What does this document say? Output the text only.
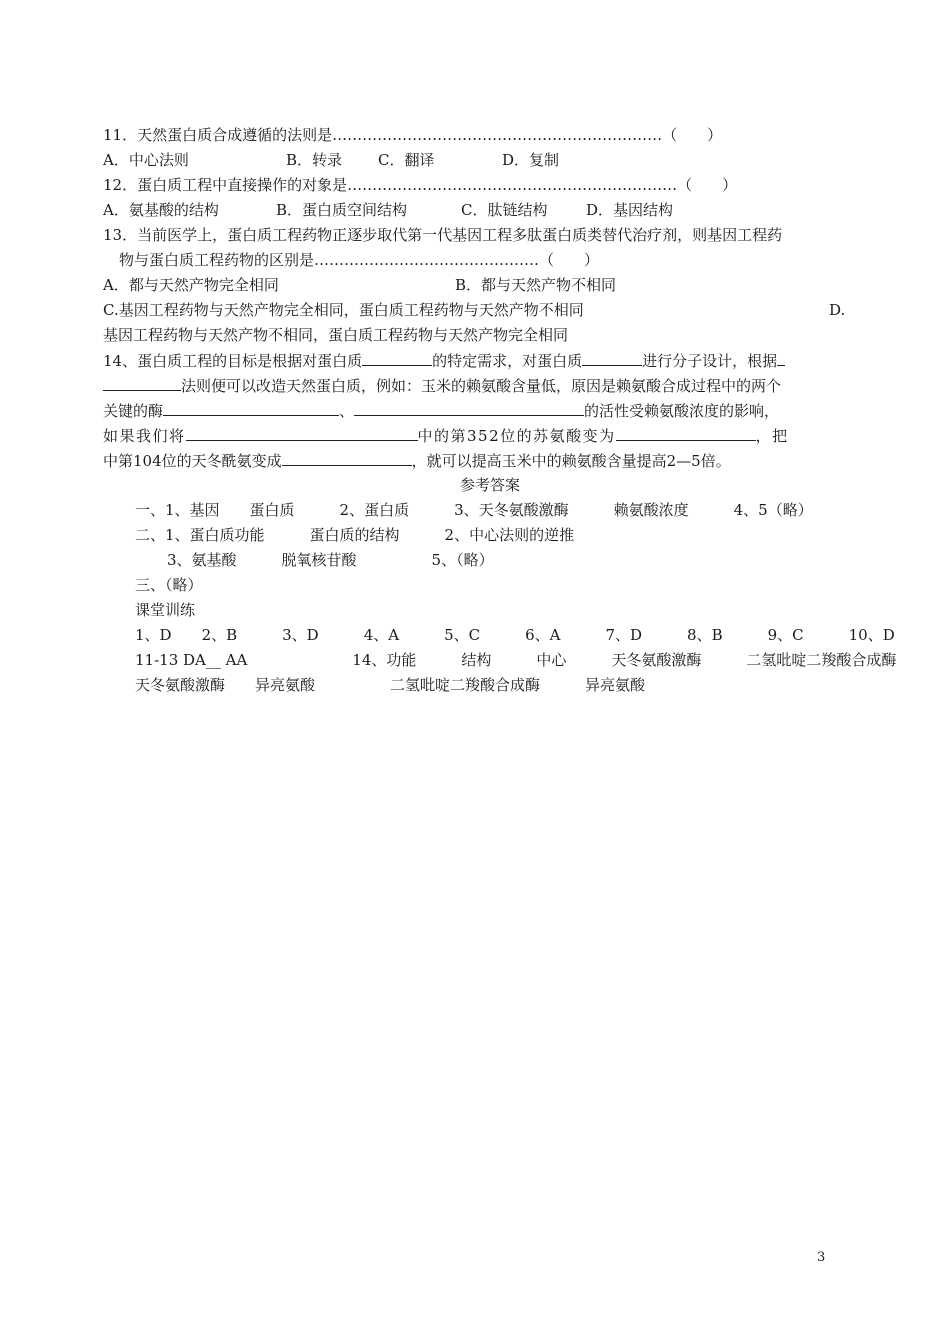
11．天然蛋白质合成遵循的法则是…………………………………………………………（　　）
A．中心法则	B．转录 C．翻译	D．复制
12．蛋白质工程中直接操作的对象是…………………………………………………………（　　）
A．氨基酸的结构	B．蛋白质空间结构	C．肽链结构	D．基因结构
13．当前医学上，蛋白质工程药物正逐步取代第一代基因工程多肽蛋白质类替代治疗剂，则基因工程药
物与蛋白质工程药物的区别是………………………………………（　　）
A．都与天然产物完全相同	B．都与天然产物不相同
C.基因工程药物与天然产物完全相同，蛋白质工程药物与天然产物不相同	D.
基因工程药物与天然产物不相同，蛋白质工程药物与天然产物完全相同
14、蛋白质工程的目标是根据对蛋白质	的特定需求，对蛋白质	进行分子设计，根据
法则便可以改造天然蛋白质，例如：玉米的赖氨酸含量低，原因是赖氨酸合成过程中的两个
关键的酶	、	的活性受赖氨酸浓度的影响，
如果我们将	中的第352位的苏氨酸变为	，把
中第104位的天冬酰氨变成	，就可以提高玉米中的赖氨酸含量提高2—5倍。
参考答案
一、1、基因　　蛋白质　　　2、蛋白质　　　3、天冬氨酸激酶　　　赖氨酸浓度　　　4、5（略）
二、1、蛋白质功能　　　蛋白质的结构　　　2、中心法则的逆推
3、氨基酸　　　脱氧核苷酸　　　　　5、（略）
三、（略）
课堂训练
1、D　　2、B　　　3、D　　　4、A　　　5、C　　　6、A　　　7、D　　　8、B　　　9、C　　　10、D
11-13 DA__ AA　　　　　　　14、功能　　　结构　　　中心　　　天冬氨酸激酶　　　二氢吡啶二羧酸合成酶
天冬氨酸激酶　　异亮氨酸　　　　　二氢吡啶二羧酸合成酶　　　异亮氨酸
3
